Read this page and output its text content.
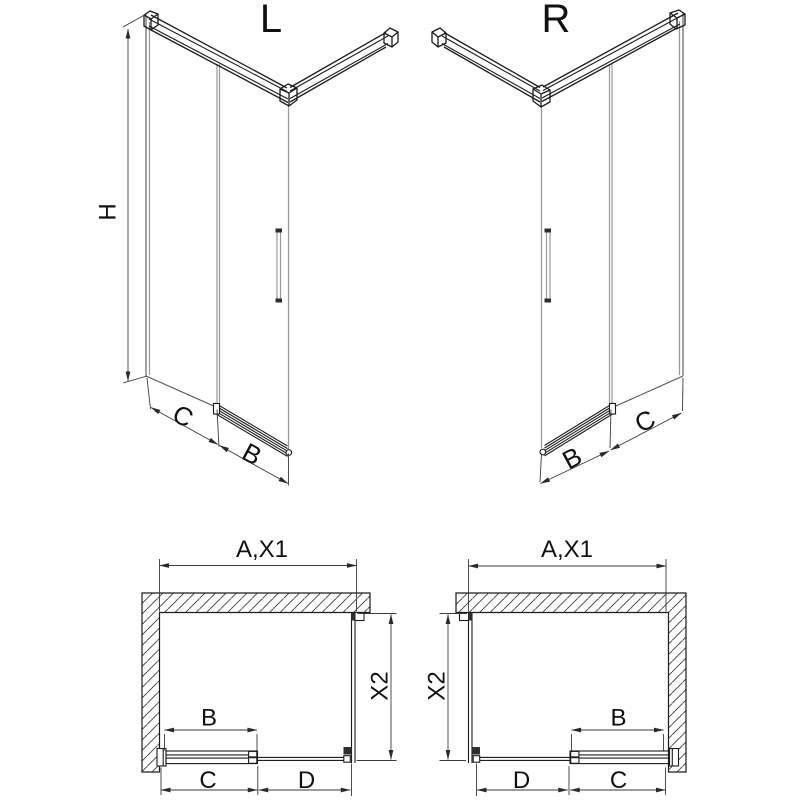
L
H
C
B
R
B
C
A,X1
B
C	D
X2
A,X1
B
D	C
X2
